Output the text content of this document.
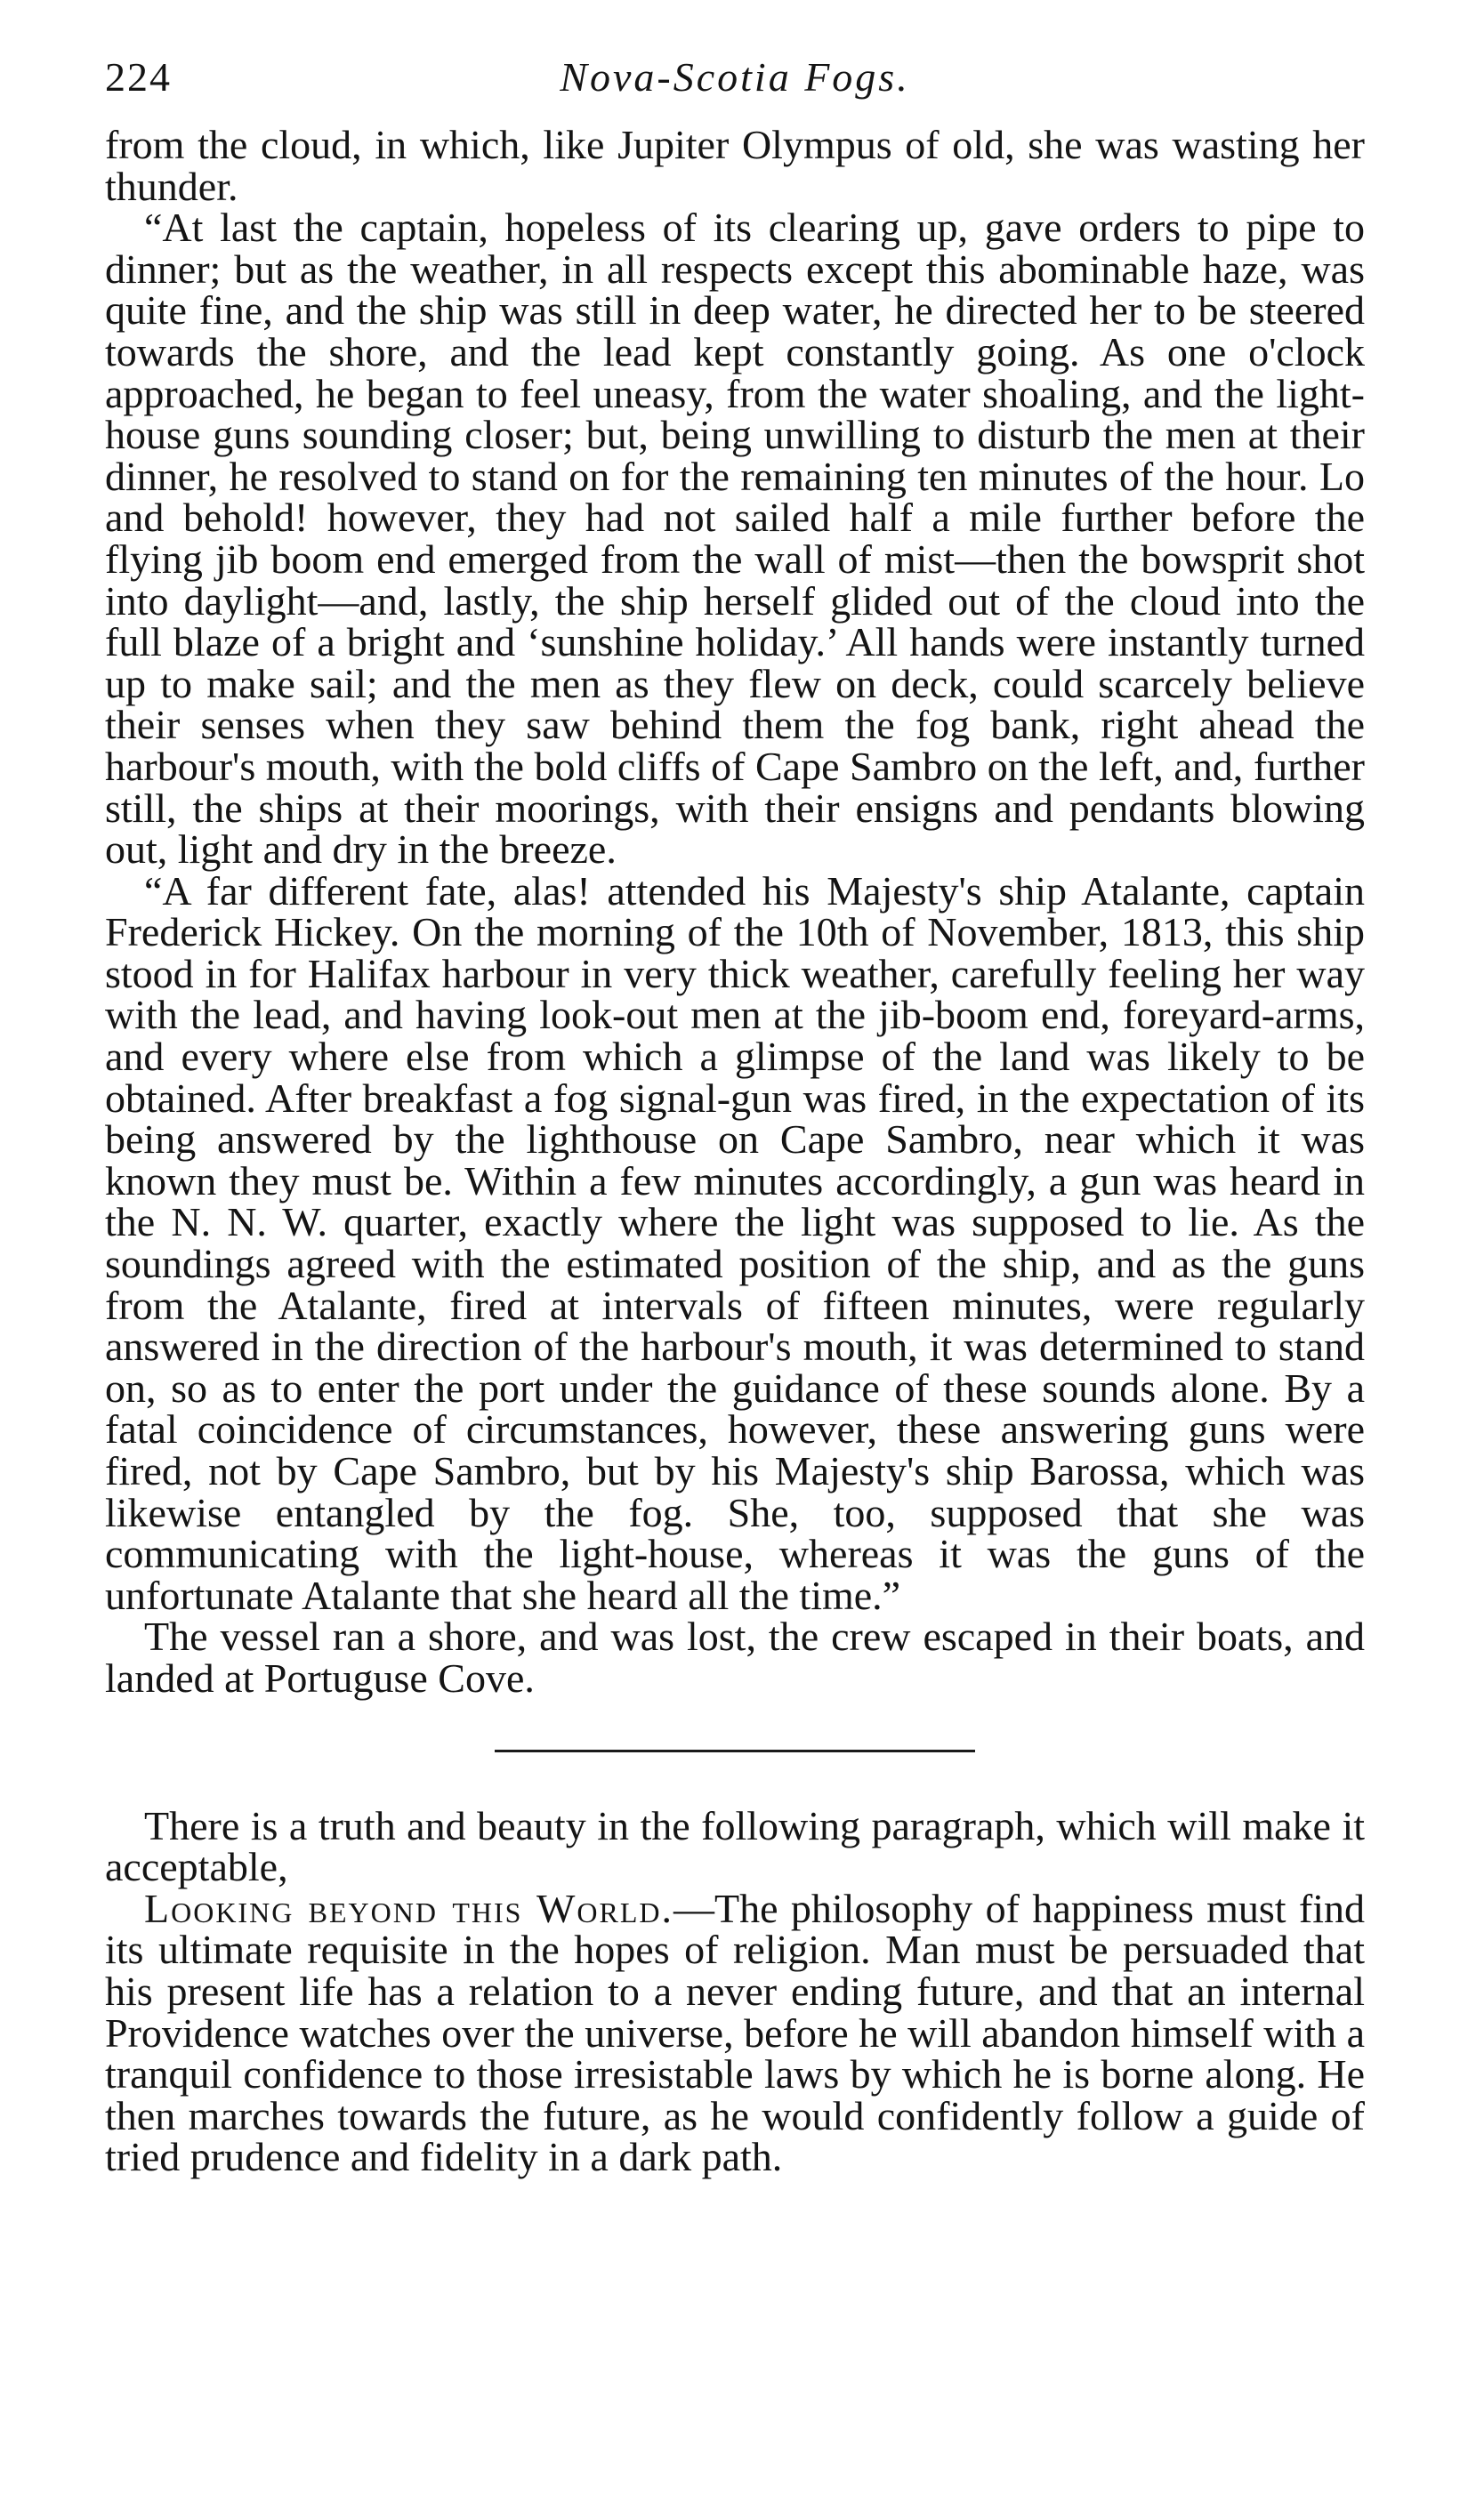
224	Nova-Scotia Fogs.

from the cloud, in which, like Jupiter Olympus of old, she was wasting her thunder.

“At last the captain, hopeless of its clearing up, gave orders to pipe to dinner; but as the weather, in all respects except this abominable haze, was quite fine, and the ship was still in deep water, he directed her to be steered towards the shore, and the lead kept constantly going. As one o'clock approached, he began to feel uneasy, from the water shoaling, and the light-house guns sounding closer; but, being unwilling to disturb the men at their dinner, he resolved to stand on for the remaining ten minutes of the hour. Lo and behold! however, they had not sailed half a mile further before the flying jib boom end emerged from the wall of mist—then the bowsprit shot into daylight—and, lastly, the ship herself glided out of the cloud into the full blaze of a bright and ‘sunshine holiday.’ All hands were instantly turned up to make sail; and the men as they flew on deck, could scarcely believe their senses when they saw behind them the fog bank, right ahead the harbour's mouth, with the bold cliffs of Cape Sambro on the left, and, further still, the ships at their moorings, with their ensigns and pendants blowing out, light and dry in the breeze.

“A far different fate, alas! attended his Majesty's ship Atalante, captain Frederick Hickey. On the morning of the 10th of November, 1813, this ship stood in for Halifax harbour in very thick weather, carefully feeling her way with the lead, and having look-out men at the jib-boom end, foreyard-arms, and every where else from which a glimpse of the land was likely to be obtained. After breakfast a fog signal-gun was fired, in the expectation of its being answered by the lighthouse on Cape Sambro, near which it was known they must be. Within a few minutes accordingly, a gun was heard in the N. N. W. quarter, exactly where the light was supposed to lie. As the soundings agreed with the estimated position of the ship, and as the guns from the Atalante, fired at intervals of fifteen minutes, were regularly answered in the direction of the harbour's mouth, it was determined to stand on, so as to enter the port under the guidance of these sounds alone. By a fatal coincidence of circumstances, however, these answering guns were fired, not by Cape Sambro, but by his Majesty's ship Barossa, which was likewise entangled by the fog. She, too, supposed that she was communicating with the light-house, whereas it was the guns of the unfortunate Atalante that she heard all the time.”

The vessel ran a shore, and was lost, the crew escaped in their boats, and landed at Portuguse Cove.

There is a truth and beauty in the following paragraph, which will make it acceptable,

Looking beyond this World.—The philosophy of happiness must find its ultimate requisite in the hopes of religion. Man must be persuaded that his present life has a relation to a never ending future, and that an internal Providence watches over the universe, before he will abandon himself with a tranquil confidence to those irresistable laws by which he is borne along. He then marches towards the future, as he would confidently follow a guide of tried prudence and fidelity in a dark path.
